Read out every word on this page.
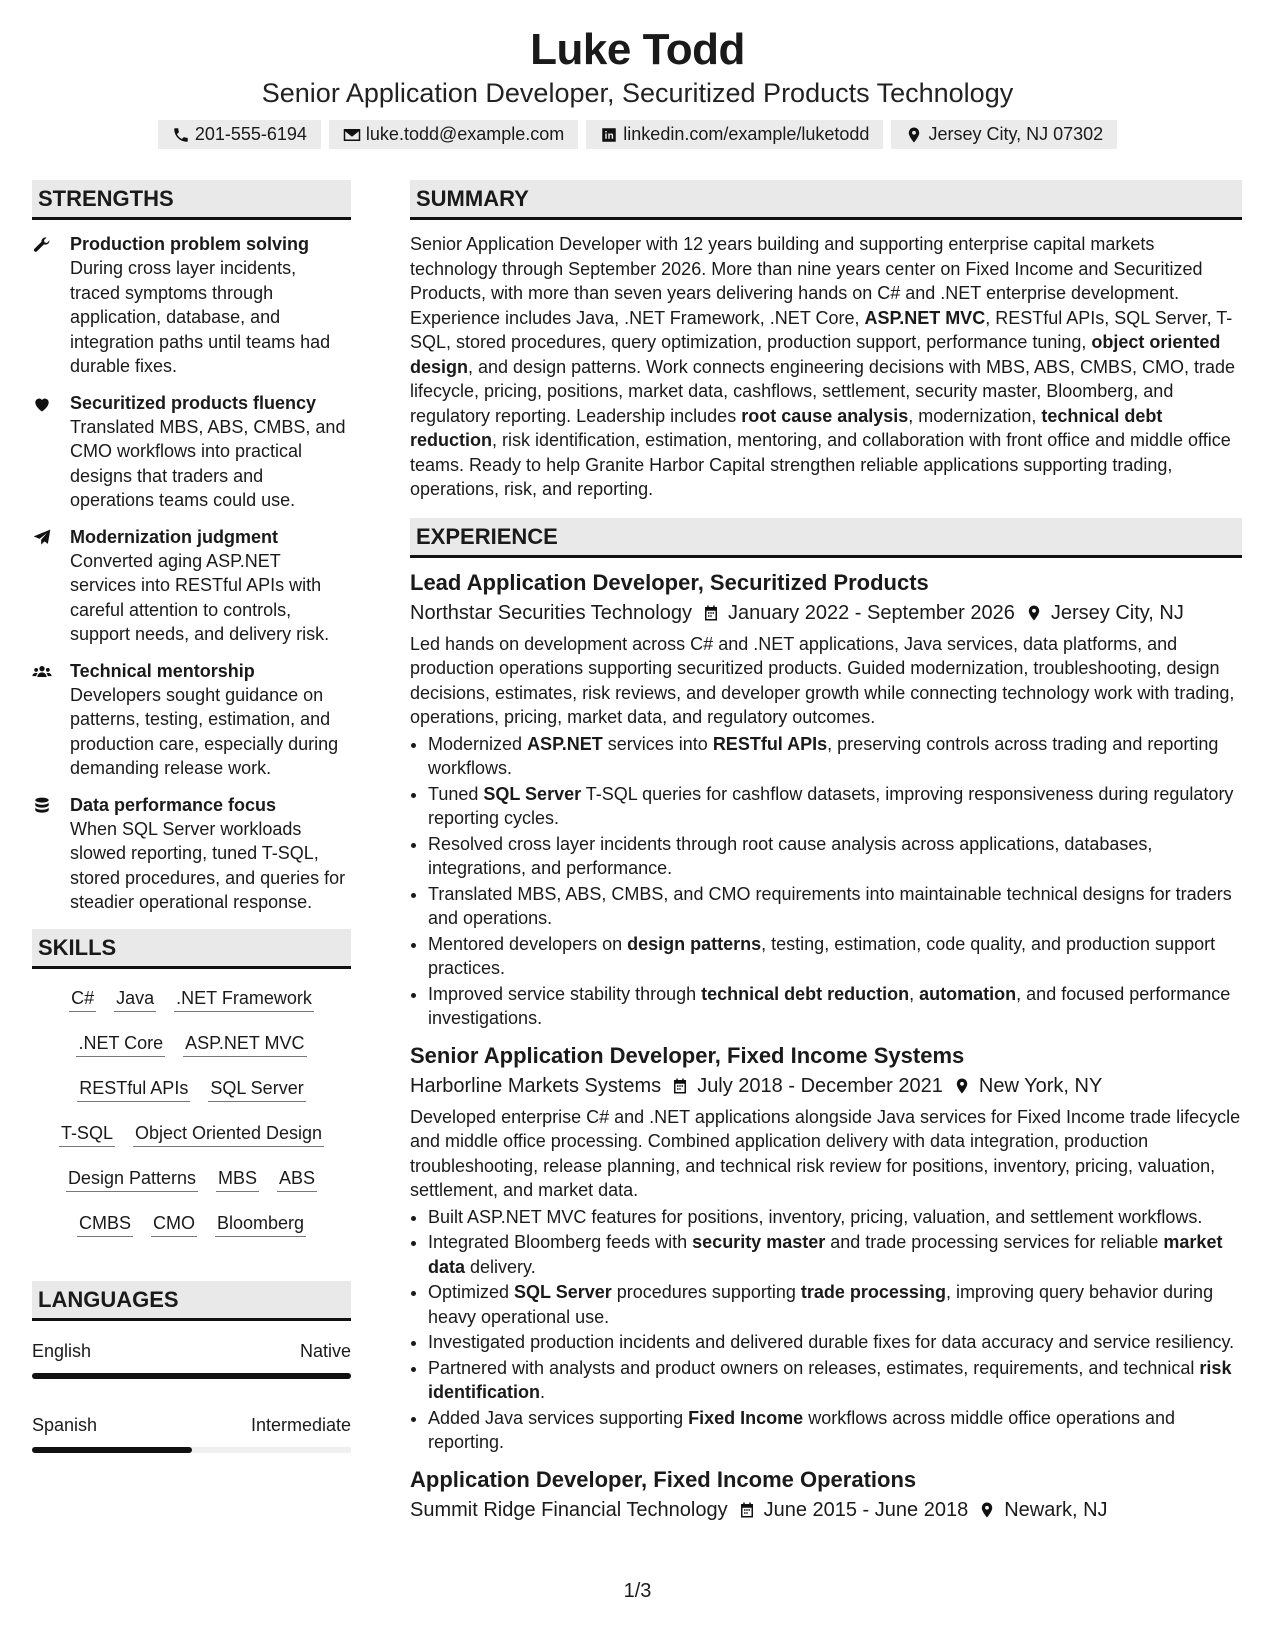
Luke Todd
Senior Application Developer, Securitized Products Technology
201-555-6194	luke.todd@example.com	linkedin.com/example/luketodd	Jersey City, NJ 07302
STRENGTHS
Production problem solving
During cross layer incidents, traced symptoms through application, database, and integration paths until teams had durable fixes.
Securitized products fluency
Translated MBS, ABS, CMBS, and CMO workflows into practical designs that traders and operations teams could use.
Modernization judgment
Converted aging ASP.NET services into RESTful APIs with careful attention to controls, support needs, and delivery risk.
Technical mentorship
Developers sought guidance on patterns, testing, estimation, and production care, especially during demanding release work.
Data performance focus
When SQL Server workloads slowed reporting, tuned T-SQL, stored procedures, and queries for steadier operational response.
SKILLS
C# Java .NET Framework
.NET Core ASP.NET MVC
RESTful APIs SQL Server
T-SQL Object Oriented Design
Design Patterns MBS ABS
CMBS CMO Bloomberg
LANGUAGES
English	Native
Spanish	Intermediate
SUMMARY
Senior Application Developer with 12 years building and supporting enterprise capital markets technology through September 2026. More than nine years center on Fixed Income and Securitized Products, with more than seven years delivering hands on C# and .NET enterprise development. Experience includes Java, .NET Framework, .NET Core, ASP.NET MVC, RESTful APIs, SQL Server, T-SQL, stored procedures, query optimization, production support, performance tuning, object oriented design, and design patterns. Work connects engineering decisions with MBS, ABS, CMBS, CMO, trade lifecycle, pricing, positions, market data, cashflows, settlement, security master, Bloomberg, and regulatory reporting. Leadership includes root cause analysis, modernization, technical debt reduction, risk identification, estimation, mentoring, and collaboration with front office and middle office teams. Ready to help Granite Harbor Capital strengthen reliable applications supporting trading, operations, risk, and reporting.
EXPERIENCE
Lead Application Developer, Securitized Products
Northstar Securities Technology January 2022 - September 2026 Jersey City, NJ
Led hands on development across C# and .NET applications, Java services, data platforms, and production operations supporting securitized products. Guided modernization, troubleshooting, design decisions, estimates, risk reviews, and developer growth while connecting technology work with trading, operations, pricing, market data, and regulatory outcomes.
• Modernized ASP.NET services into RESTful APIs, preserving controls across trading and reporting workflows.
• Tuned SQL Server T-SQL queries for cashflow datasets, improving responsiveness during regulatory reporting cycles.
• Resolved cross layer incidents through root cause analysis across applications, databases, integrations, and performance.
• Translated MBS, ABS, CMBS, and CMO requirements into maintainable technical designs for traders and operations.
• Mentored developers on design patterns, testing, estimation, code quality, and production support practices.
• Improved service stability through technical debt reduction, automation, and focused performance investigations.
Senior Application Developer, Fixed Income Systems
Harborline Markets Systems July 2018 - December 2021 New York, NY
Developed enterprise C# and .NET applications alongside Java services for Fixed Income trade lifecycle and middle office processing. Combined application delivery with data integration, production troubleshooting, release planning, and technical risk review for positions, inventory, pricing, valuation, settlement, and market data.
• Built ASP.NET MVC features for positions, inventory, pricing, valuation, and settlement workflows.
• Integrated Bloomberg feeds with security master and trade processing services for reliable market data delivery.
• Optimized SQL Server procedures supporting trade processing, improving query behavior during heavy operational use.
• Investigated production incidents and delivered durable fixes for data accuracy and service resiliency.
• Partnered with analysts and product owners on releases, estimates, requirements, and technical risk identification.
• Added Java services supporting Fixed Income workflows across middle office operations and reporting.
Application Developer, Fixed Income Operations
Summit Ridge Financial Technology June 2015 - June 2018 Newark, NJ
1/3
